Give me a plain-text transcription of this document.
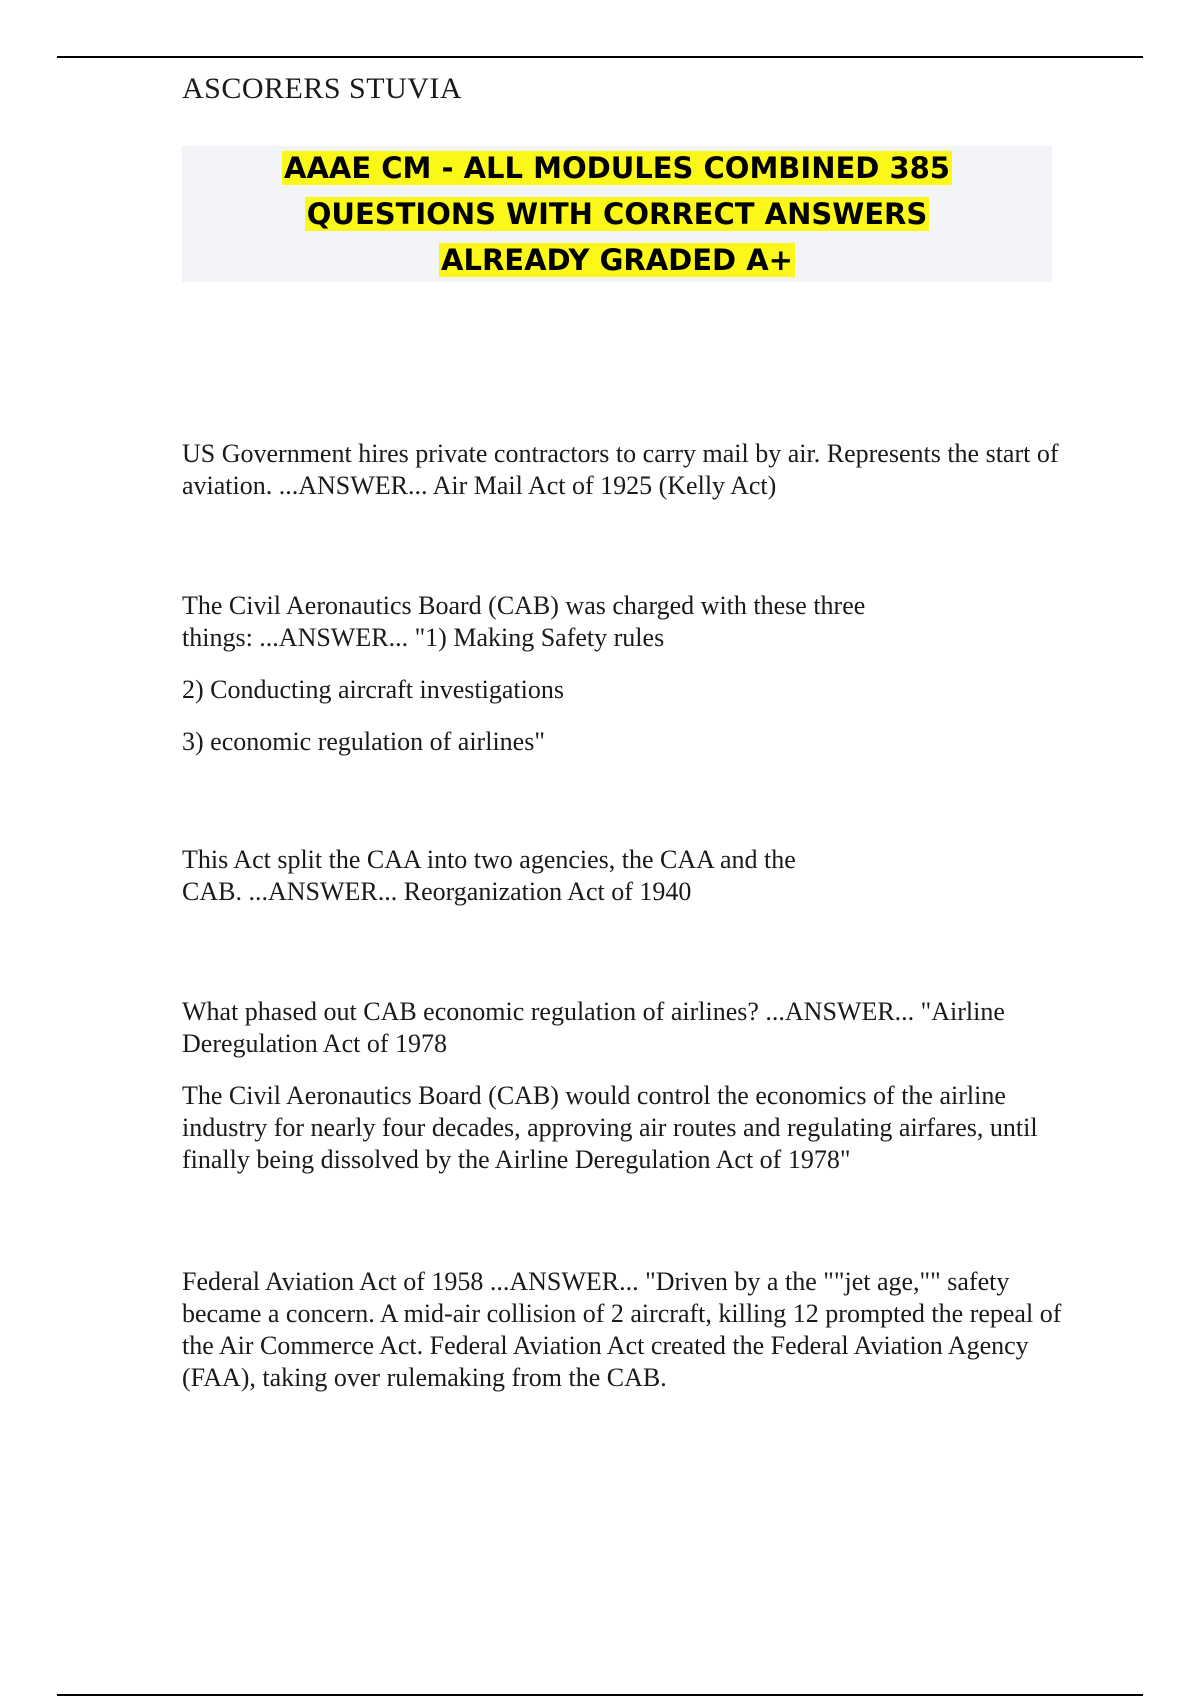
ASCORERS STUVIA

AAAE CM - ALL MODULES COMBINED 385 QUESTIONS WITH CORRECT ANSWERS ALREADY GRADED A+

US Government hires private contractors to carry mail by air. Represents the start of aviation. ...ANSWER... Air Mail Act of 1925 (Kelly Act)

The Civil Aeronautics Board (CAB) was charged with these three things: ...ANSWER... "1) Making Safety rules

2) Conducting aircraft investigations

3) economic regulation of airlines"

This Act split the CAA into two agencies, the CAA and the CAB. ...ANSWER... Reorganization Act of 1940

What phased out CAB economic regulation of airlines? ...ANSWER... "Airline Deregulation Act of 1978

The Civil Aeronautics Board (CAB) would control the economics of the airline industry for nearly four decades, approving air routes and regulating airfares, until finally being dissolved by the Airline Deregulation Act of 1978"

Federal Aviation Act of 1958 ...ANSWER... "Driven by a the ""jet age,"" safety became a concern. A mid-air collision of 2 aircraft, killing 12 prompted the repeal of the Air Commerce Act. Federal Aviation Act created the Federal Aviation Agency (FAA), taking over rulemaking from the CAB.
